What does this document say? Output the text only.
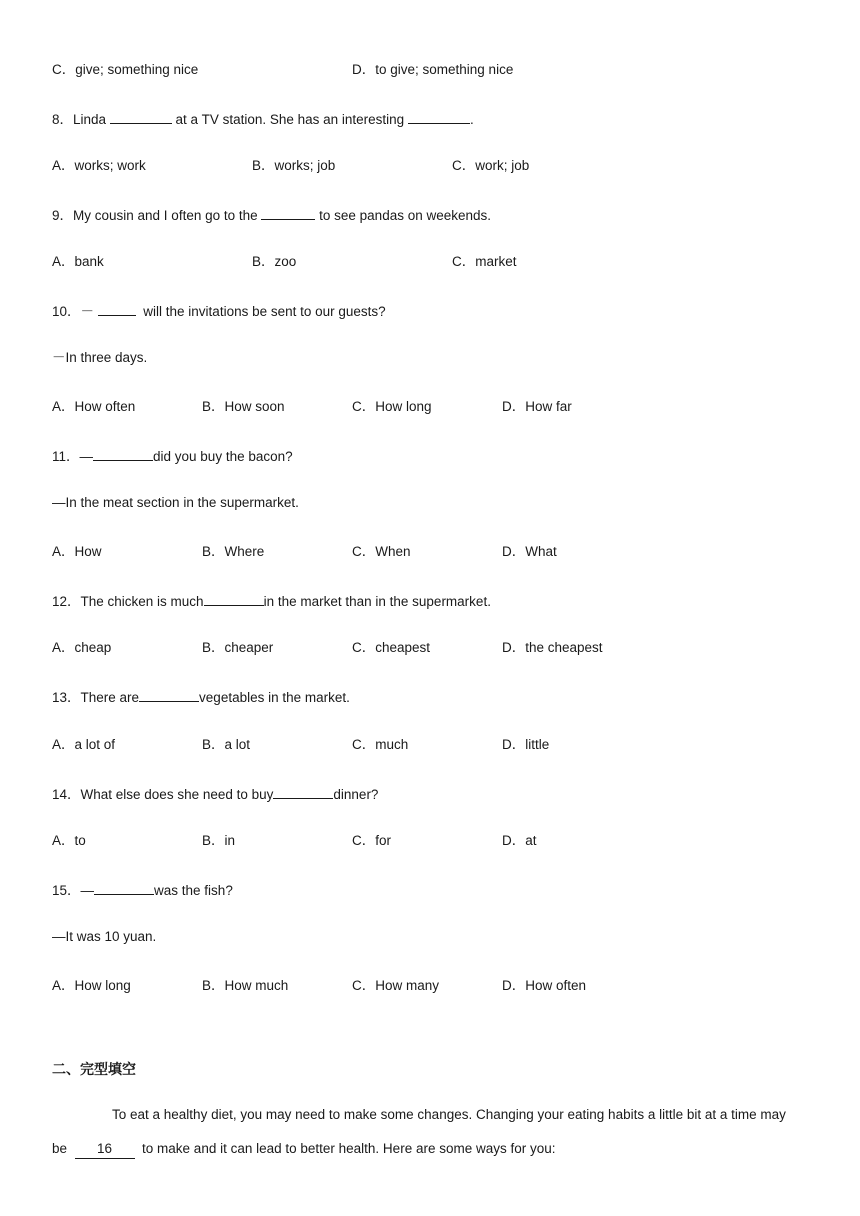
C．give; something nice	D．to give; something nice
8．Linda	at a TV station. She has an interesting	.
A．works; work	B．works; job	C．work; job
9．My cousin and I often go to the	to see pandas on weekends.
A．bank	B．zoo	C．market
10．－	will the invitations be sent to our guests?
－In three days.
A．How often	B．How soon	C．How long	D．How far
11．—	did you buy the bacon?
—In the meat section in the supermarket.
A．How	B．Where	C．When	D．What
12．The chicken is much	in the market than in the supermarket.
A．cheap	B．cheaper	C．cheapest	D．the cheapest
13．There are	vegetables in the market.
A．a lot of	B．a lot	C．much	D．little
14．What else does she need to buy	dinner?
A．to	B．in	C．for	D．at
15．—	was the fish?
—It was 10 yuan.
A．How long	B．How much	C．How many	D．How often
二、完型填空
To eat a healthy diet, you may need to make some changes. Changing your eating habits a little bit at a time may
be  16  to make and it can lead to better health. Here are some ways for you:
